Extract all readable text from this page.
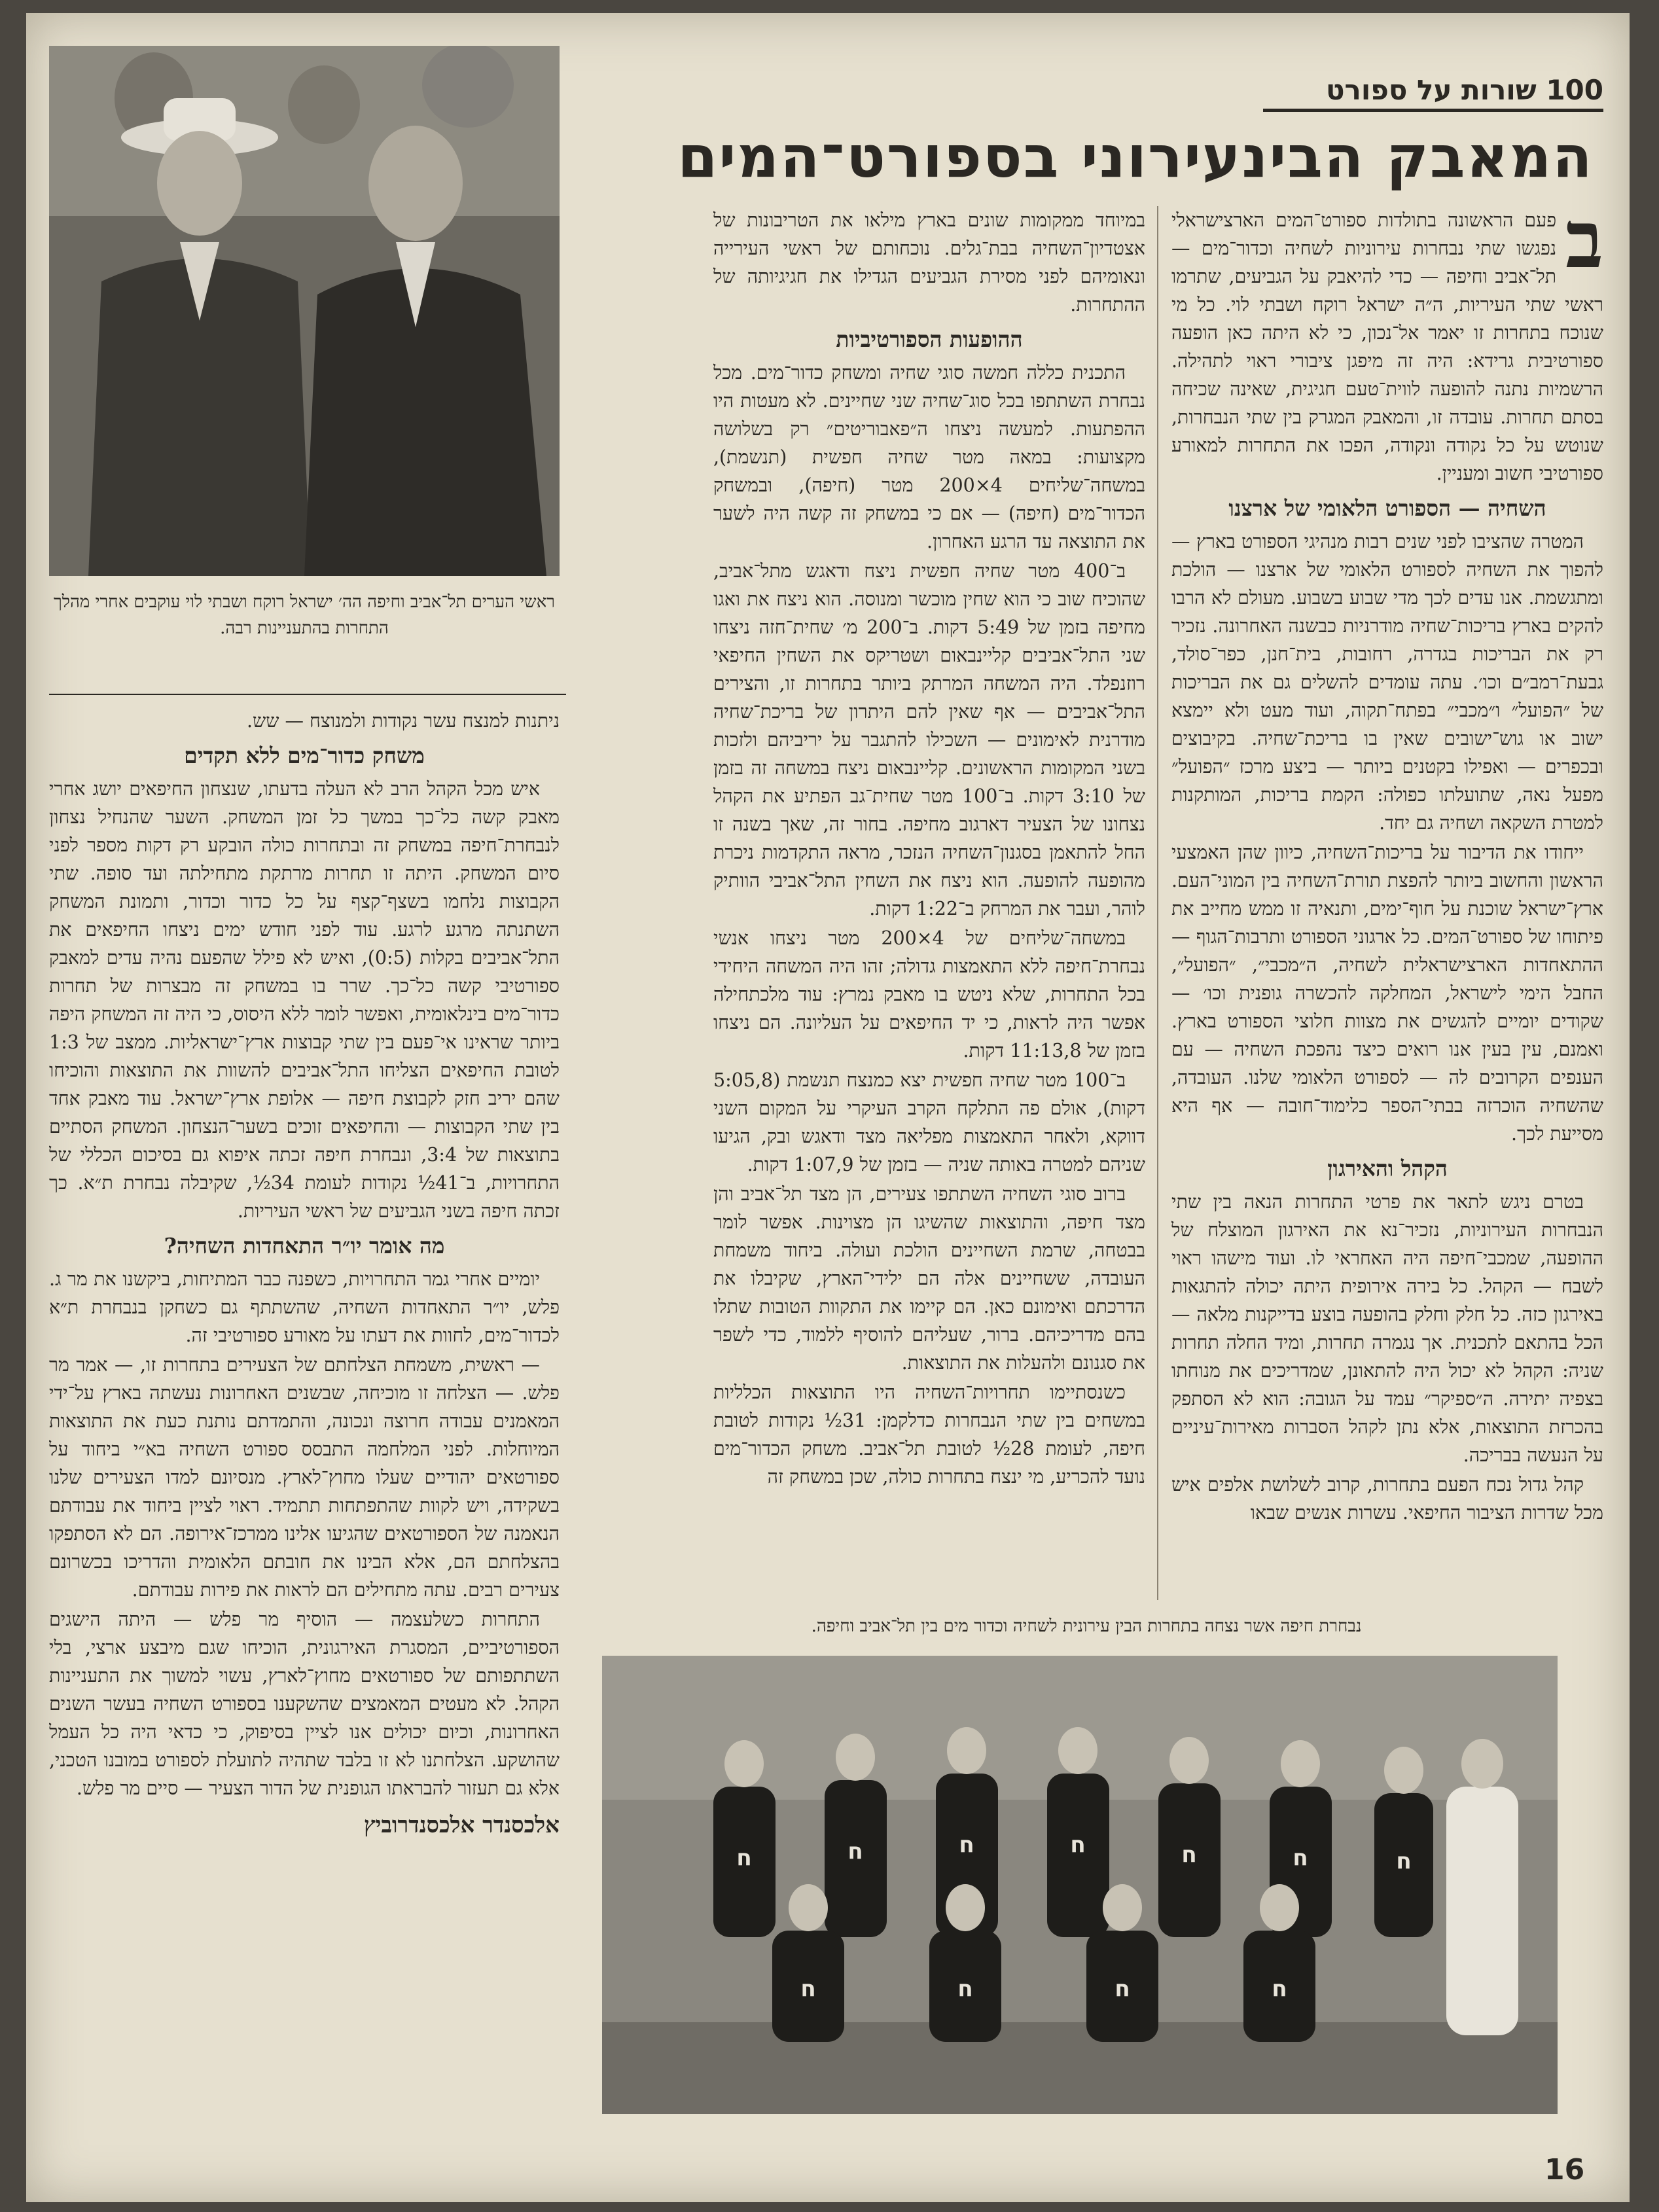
100 שורות על ספורט
המאבק הבינעירוני בספורט־המים

ב
פעם הראשונה בתולדות ספורט־המים הארצישראלי נפגשו שתי נבחרות עירוניות לשחיה וכדור־מים — תל־אביב וחיפה — כדי להיאבק על הגביעים, שתרמו ראשי שתי העיריות, ה״ה ישראל רוקח ושבתי לוי. כל מי שנוכח בתחרות זו יאמר אל־נכון, כי לא היתה כאן הופעה ספורטיבית גרידא: היה זה מיפגן ציבורי ראוי לתהילה. הרשמיות נתנה להופעה לווית־טעם חגיגית, שאינה שכיחה בסתם תחרות. עובדה זו, והמאבק המגרק בין שתי הנבחרות, שנוטש על כל נקודה ונקודה, הפכו את התחרות למאורע ספורטיבי חשוב ומעניין.

השחיה — הספורט הלאומי של ארצנו

המטרה שהציבו לפני שנים רבות מנהיגי הספורט בארץ — להפוך את השחיה לספורט הלאומי של ארצנו — הולכת ומתגשמת. אנו עדים לכך מדי שבוע בשבוע. מעולם לא הרבו להקים בארץ בריכות־שחיה מודרניות כבשנה האחרונה. נזכיר רק את הבריכות בגדרה, רחובות, בית־חנן, כפר־סולד, גבעת־רמב״ם וכו׳. עתה עומדים להשלים גם את הבריכות של ״הפועל״ ו״מכבי״ בפתח־תקוה, ועוד מעט ולא יימצא ישוב או גוש־ישובים שאין בו בריכת־שחיה. בקיבוצים ובכפרים — ואפילו בקטנים ביותר — ביצע מרכז ״הפועל״ מפעל נאה, שתועלתו כפולה: הקמת בריכות, המותקנות למטרת השקאה ושחיה גם יחד.

ייחודו את הדיבור על בריכות־השחיה, כיוון שהן האמצעי הראשון והחשוב ביותר להפצת תורת־השחיה בין המוני־העם. ארץ־ישראל שוכנת על חוף־ימים, ותנאיה זו ממש מחייב את פיתוחו של ספורט־המים. כל ארגוני הספורט ותרבות־הגוף — ההתאחדות הארצישראלית לשחיה, ה״מכבי״, ״הפועל״, החבל הימי לישראל, המחלקה להכשרה גופנית וכו׳ — שקודים יומיים להגשים את מצוות חלוצי הספורט בארץ. ואמנם, עין בעין אנו רואים כיצד נהפכת השחיה — עם הענפים הקרובים לה — לספורט הלאומי שלנו. העובדה, שהשחיה הוכרזה בבתי־הספר כלימוד־חובה — אף היא מסייעת לכך.

הקהל והאירגון

בטרם ניגש לתאר את פרטי התחרות הנאה בין שתי הנבחרות העירוניות, נזכיר־נא את האירגון המוצלח של ההופעה, שמכבי־חיפה היה האחראי לו. ועוד מישהו ראוי לשבח — הקהל. כל בירה אירופית היתה יכולה להתגאות באירגון כזה. כל חלק וחלק בהופעה בוצע בדייקנות מלאה — הכל בהתאם לתכנית. אך נגמרה תחרות, ומיד החלה תחרות שניה: הקהל לא יכול היה להתאונן, שמדריכים את מנוחתו בצפיה יתירה. ה״ספיקר״ עמד על הגובה: הוא לא הסתפק בהכרזת התוצאות, אלא נתן לקהל הסברות מאירות־עיניים על הנעשה בבריכה.

קהל גדול נכח הפעם בתחרות, קרוב לשלושת אלפים איש מכל שדרות הציבור החיפאי. עשרות אנשים שבאו

במיוחד ממקומות שונים בארץ מילאו את הטריבונות של אצטדיון־השחיה בבת־גלים. נוכחותם של ראשי העירייה ונאומיהם לפני מסירת הגביעים הגדילו את חגיגיותה של ההתחרות.

ההופעות הספורטיביות

התכנית כללה חמשה סוגי שחיה ומשחק כדור־מים. מכל נבחרת השתתפו בכל סוג־שחיה שני שחיינים. לא מעטות היו ההפתעות. למעשה ניצחו ה״פאבוריטים״ רק בשלושה מקצועות: במאה מטר שחיה חפשית (תנשמת), במשחה־שליחים 4×200 מטר (חיפה), ובמשחק הכדור־מים (חיפה) — אם כי במשחק זה קשה היה לשער את התוצאה עד הרגע האחרון.

ב־400 מטר שחיה חפשית ניצח ודאגש מתל־אביב, שהוכיח שוב כי הוא שחין מוכשר ומנוסה. הוא ניצח את ואגו מחיפה בזמן של 5:49 דקות. ב־200 מ׳ שחית־חזה ניצחו שני התל־אביבים קליינבאום ושטריקס את השחין החיפאי רוזנפלד. היה המשחה המרתק ביותר בתחרות זו, והצירים התל־אביבים — אף שאין להם היתרון של בריכת־שחיה מודרנית לאימונים — השכילו להתגבר על יריביהם ולזכות בשני המקומות הראשונים. קליינבאום ניצח במשחה זה בזמן של 3:10 דקות. ב־100 מטר שחית־גב הפתיע את הקהל נצחונו של הצעיר דארגוב מחיפה. בחור זה, שאך בשנה זו החל להתאמן בסגנון־השחיה הנזכר, מראה התקדמות ניכרת מהופעה להופעה. הוא ניצח את השחין התל־אביבי הוותיק לוהר, ועבר את המרחק ב־1:22 דקות.

במשחה־שליחים של 4×200 מטר ניצחו אנשי נבחרת־חיפה ללא התאמצות גדולה; זהו היה המשחה היחידי בכל התחרות, שלא ניטש בו מאבק נמרץ: עוד מלכתחילה אפשר היה לראות, כי יד החיפאים על העליונה. הם ניצחו בזמן של 11:13,8 דקות.

ב־100 מטר שחיה חפשית יצא כמנצח תנשמת (5:05,8 דקות), אולם פה התלקח הקרב העיקרי על המקום השני דווקא, ולאחר התאמצות מפליאה מצד ודאגש ובק, הגיעו שניהם למטרה באותה שניה — בזמן של 1:07,9 דקות.

ברוב סוגי השחיה השתתפו צעירים, הן מצד תל־אביב והן מצד חיפה, והתוצאות שהשיגו הן מצוינות. אפשר לומר בבטחה, שרמת השחיינים הולכת ועולה. ביחוד משמחת העובדה, ששחיינים אלה הם ילידי־הארץ, שקיבלו את הדרכתם ואימונם כאן. הם קיימו את התקוות הטובות שתלו בהם מדריכיהם. ברור, שעליהם להוסיף ללמוד, כדי לשפר את סגנונם ולהעלות את התוצאות.

כשנסתיימו תחרויות־השחיה היו התוצאות הכלליות במשחים בין שתי הנבחרות כדלקמן: 31½ נקודות לטובת חיפה, לעומת 28½ לטובת תל־אביב. משחק הכדור־מים נועד להכריע, מי ינצח בתחרות כולה, שכן במשחק זה

ראשי הערים תל־אביב וחיפה הה׳ ישראל רוקח ושבתי לוי עוקבים אחרי מהלך התחרות בהתעניינות רבה.

ניתנות למנצח עשר נקודות ולמנוצח — שש.

משחק כדור־מים ללא תקדים

איש מכל הקהל הרב לא העלה בדעתו, שנצחון החיפאים יושג אחרי מאבק קשה כל־כך במשך כל זמן המשחק. השער שהנחיל נצחון לנבחרת־חיפה במשחק זה ובתחרות כולה הובקע רק דקות מספר לפני סיום המשחק. היתה זו תחרות מרתקת מתחילתה ועד סופה. שתי הקבוצות נלחמו בשצף־קצף על כל כדור וכדור, ותמונת המשחק השתנתה מרגע לרגע. עוד לפני חודש ימים ניצחו החיפאים את התל־אביבים בקלות (0:5), ואיש לא פילל שהפעם נהיה עדים למאבק ספורטיבי קשה כל־כך. שרר בו במשחק זה מבצרות של תחרות כדור־מים בינלאומית, ואפשר לומר ללא היסוס, כי היה זה המשחק היפה ביותר שראינו אי־פעם בין שתי קבוצות ארץ־ישראליות. ממצב של 1:3 לטובת החיפאים הצליחו התל־אביבים להשוות את התוצאות והוכיחו שהם יריב חזק לקבוצת חיפה — אלופת ארץ־ישראל. עוד מאבק אחד בין שתי הקבוצות — והחיפאים זוכים בשער־הנצחון. המשחק הסתיים בתוצאות של 3:4, ונבחרת חיפה זכתה איפוא גם בסיכום הכללי של התחרויות, ב־41½ נקודות לעומת 34½, שקיבלה נבחרת ת״א. כך זכתה חיפה בשני הגביעים של ראשי העיריות.

מה אומר יו״ר התאחדות השחיה?

יומיים אחרי גמר התחרויות, כשפנה כבר המתיחות, ביקשנו את מר ג. פלש, יו״ר התאחדות השחיה, שהשתתף גם כשחקן בנבחרת ת״א לכדור־מים, לחוות את דעתו על מאורע ספורטיבי זה.

— ראשית, משמחת הצלחתם של הצעירים בתחרות זו, — אמר מר פלש. — הצלחה זו מוכיחה, שבשנים האחרונות נעשתה בארץ על־ידי המאמנים עבודה חרוצה ונכונה, והתמדתם נותנת כעת את התוצאות המיוחלות. לפני המלחמה התבסס ספורט השחיה בא״י ביחוד על ספורטאים יהודיים שעלו מחוץ־לארץ. מנסיונם למדו הצעירים שלנו בשקידה, ויש לקוות שהתפתחות תתמיד. ראוי לציין ביחוד את עבודתם הנאמנה של הספורטאים שהגיעו אלינו ממרכז־אירופה. הם לא הסתפקו בהצלחתם הם, אלא הבינו את חובתם הלאומית והדריכו בכשרונם צעירים רבים. עתה מתחילים הם לראות את פירות עבודתם.

התחרות כשלעצמה — הוסיף מר פלש — היתה הישגים הספורטיביים, המסגרת האירגונית, הוכיחו שגם מיבצע ארצי, בלי השתתפותם של ספורטאים מחוץ־לארץ, עשוי למשוך את התעניינות הקהל. לא מעטים המאמצים שהשקענו בספורט השחיה בעשר השנים האחרונות, וכיום יכולים אנו לציין בסיפוק, כי כדאי היה כל העמל שהושקע. הצלחתנו לא זו בלבד שתהיה לתועלת לספורט במובנו הטכני, אלא גם תעזור להבראתו הגופנית של הדור הצעיר — סיים מר פלש.

אלכסנדר אלכסנדרוביץ
נבחרת חיפה אשר נצחה בתחרות הבין עירונית לשחיה וכדור מים בין תל־אביב וחיפה.
ח	ח	ח	ח	ח	ח	ח
ח	ח	ח	ח
16
